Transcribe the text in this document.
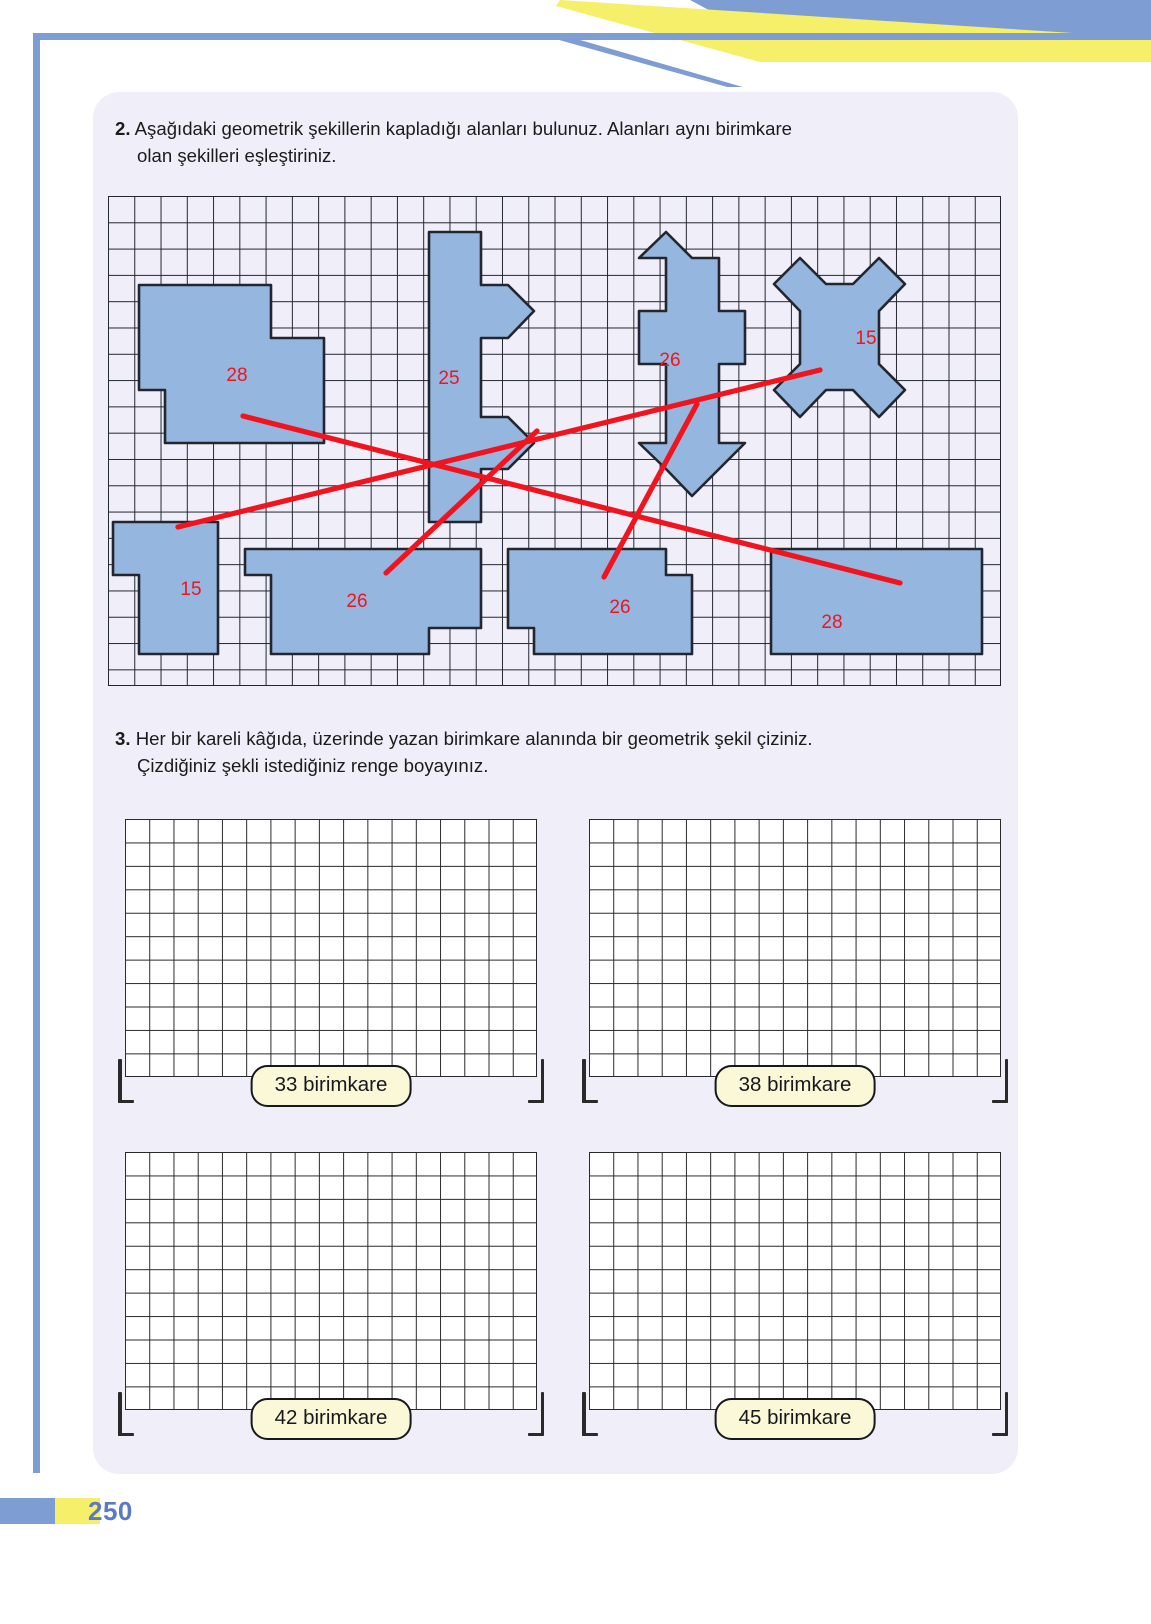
2. Aşağıdaki geometrik şekillerin kapladığı alanları bulunuz. Alanları aynı birimkare
olan şekilleri eşleştiriniz.
28	25
26
15
15
26	26
28
3. Her bir kareli kâğıda, üzerinde yazan birimkare alanında bir geometrik şekil çiziniz.
Çizdiğiniz şekli istediğiniz renge boyayınız.
33 birimkare	38 birimkare
42 birimkare	45 birimkare
250
